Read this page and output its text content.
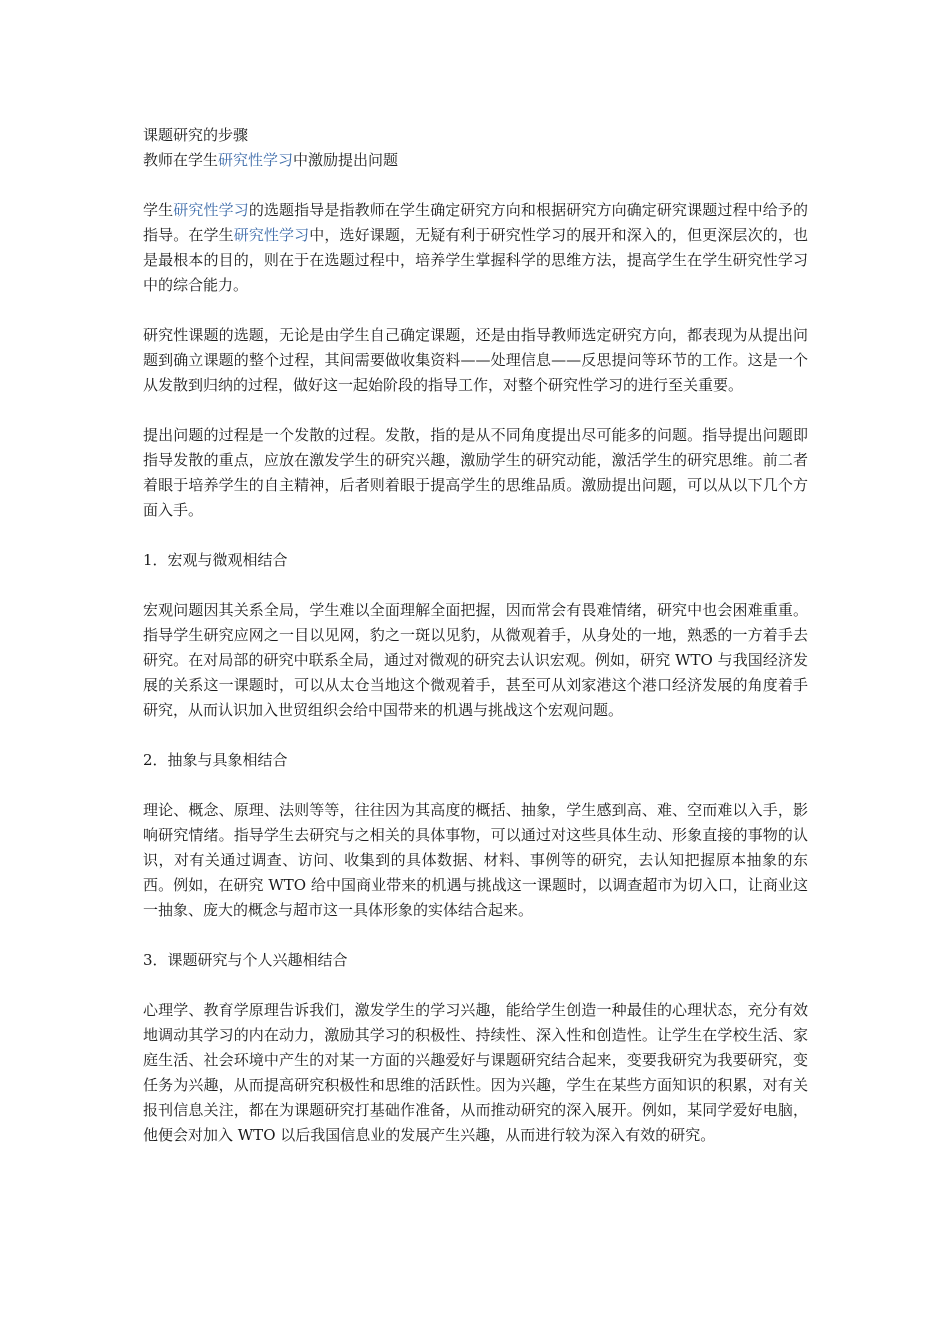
课题研究的步骤

教师在学生研究性学习中激励提出问题

学生研究性学习的选题指导是指教师在学生确定研究方向和根据研究方向确定研究课题过程中给予的指导。在学生研究性学习中，选好课题，无疑有利于研究性学习的展开和深入的，但更深层次的，也是最根本的目的，则在于在选题过程中，培养学生掌握科学的思维方法，提高学生在学生研究性学习中的综合能力。

研究性课题的选题，无论是由学生自己确定课题，还是由指导教师选定研究方向，都表现为从提出问题到确立课题的整个过程，其间需要做收集资料——处理信息——反思提问等环节的工作。这是一个从发散到归纳的过程，做好这一起始阶段的指导工作，对整个研究性学习的进行至关重要。

提出问题的过程是一个发散的过程。发散，指的是从不同角度提出尽可能多的问题。指导提出问题即指导发散的重点，应放在激发学生的研究兴趣，激励学生的研究动能，激活学生的研究思维。前二者着眼于培养学生的自主精神，后者则着眼于提高学生的思维品质。激励提出问题，可以从以下几个方面入手。

1．宏观与微观相结合

宏观问题因其关系全局，学生难以全面理解全面把握，因而常会有畏难情绪，研究中也会困难重重。指导学生研究应网之一目以见网，豹之一斑以见豹，从微观着手，从身处的一地，熟悉的一方着手去研究。在对局部的研究中联系全局，通过对微观的研究去认识宏观。例如，研究 WTO 与我国经济发展的关系这一课题时，可以从太仓当地这个微观着手，甚至可从刘家港这个港口经济发展的角度着手研究，从而认识加入世贸组织会给中国带来的机遇与挑战这个宏观问题。

2．抽象与具象相结合

理论、概念、原理、法则等等，往往因为其高度的概括、抽象，学生感到高、难、空而难以入手，影响研究情绪。指导学生去研究与之相关的具体事物，可以通过对这些具体生动、形象直接的事物的认识，对有关通过调查、访问、收集到的具体数据、材料、事例等的研究，去认知把握原本抽象的东西。例如，在研究 WTO 给中国商业带来的机遇与挑战这一课题时，以调查超市为切入口，让商业这一抽象、庞大的概念与超市这一具体形象的实体结合起来。

3．课题研究与个人兴趣相结合

心理学、教育学原理告诉我们，激发学生的学习兴趣，能给学生创造一种最佳的心理状态，充分有效地调动其学习的内在动力，激励其学习的积极性、持续性、深入性和创造性。让学生在学校生活、家庭生活、社会环境中产生的对某一方面的兴趣爱好与课题研究结合起来，变要我研究为我要研究，变任务为兴趣，从而提高研究积极性和思维的活跃性。因为兴趣，学生在某些方面知识的积累，对有关报刊信息关注，都在为课题研究打基础作准备，从而推动研究的深入展开。例如，某同学爱好电脑，他便会对加入 WTO 以后我国信息业的发展产生兴趣，从而进行较为深入有效的研究。
